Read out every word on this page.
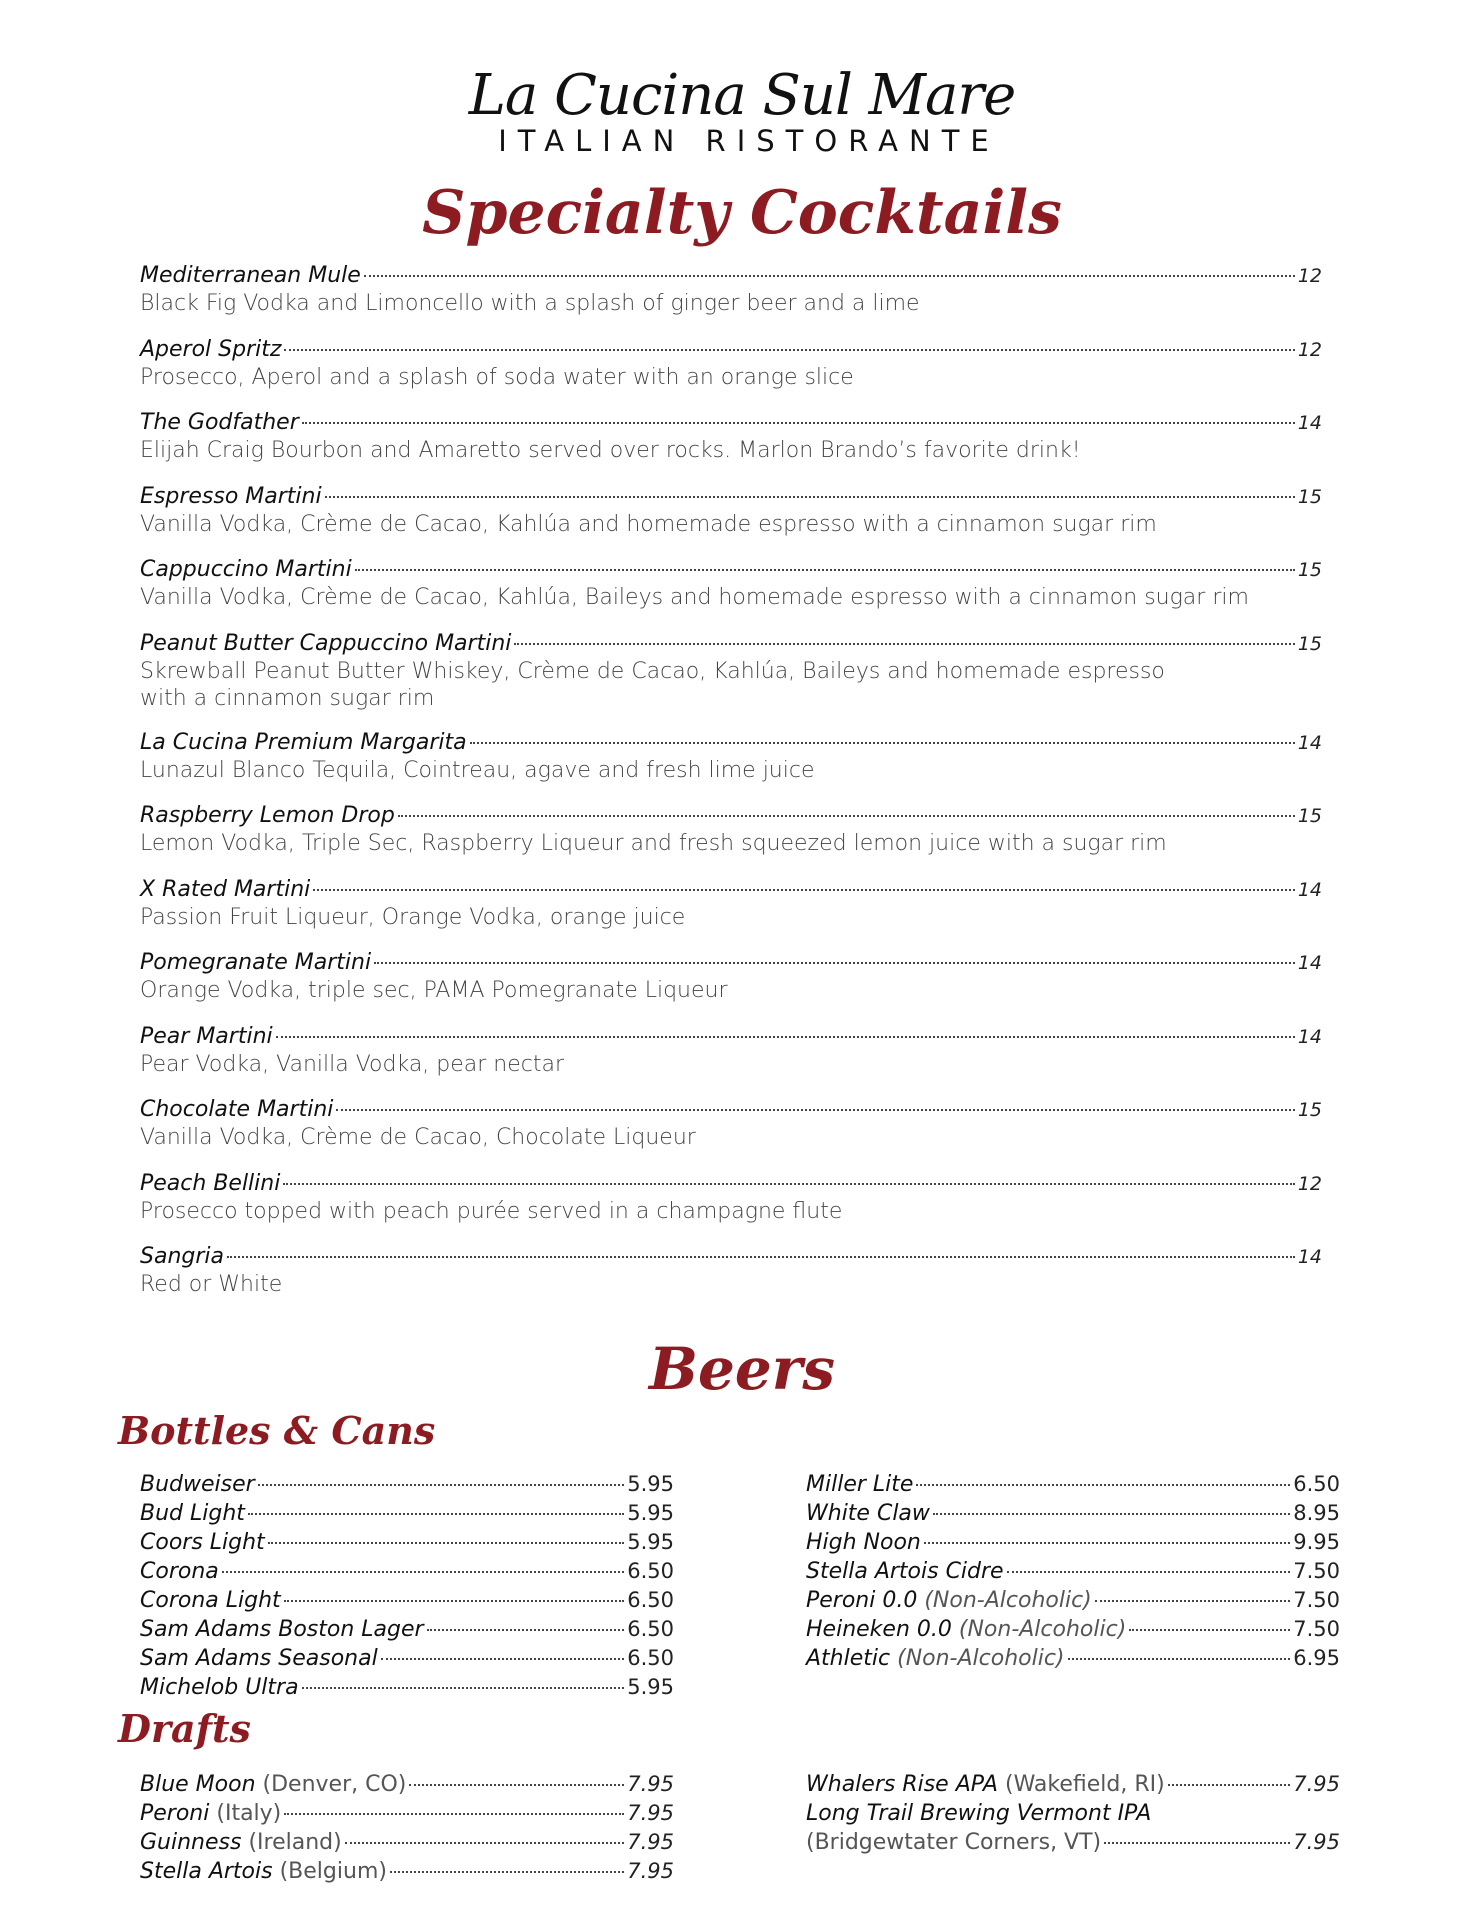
La Cucina Sul Mare
ITALIAN RISTORANTE
Specialty Cocktails
Mediterranean Mule	12
Black Fig Vodka and Limoncello with a splash of ginger beer and a lime
Aperol Spritz	12
Prosecco, Aperol and a splash of soda water with an orange slice
The Godfather	14
Elijah Craig Bourbon and Amaretto served over rocks. Marlon Brando’s favorite drink!
Espresso Martini	15
Vanilla Vodka, Crème de Cacao, Kahlúa and homemade espresso with a cinnamon sugar rim
Cappuccino Martini	15
Vanilla Vodka, Crème de Cacao, Kahlúa, Baileys and homemade espresso with a cinnamon sugar rim
Peanut Butter Cappuccino Martini	15
Skrewball Peanut Butter Whiskey, Crème de Cacao, Kahlúa, Baileys and homemade espresso with a cinnamon sugar rim
La Cucina Premium Margarita	14
Lunazul Blanco Tequila, Cointreau, agave and fresh lime juice
Raspberry Lemon Drop	15
Lemon Vodka, Triple Sec, Raspberry Liqueur and fresh squeezed lemon juice with a sugar rim
X Rated Martini	14
Passion Fruit Liqueur, Orange Vodka, orange juice
Pomegranate Martini	14
Orange Vodka, triple sec, PAMA Pomegranate Liqueur
Pear Martini	14
Pear Vodka, Vanilla Vodka, pear nectar
Chocolate Martini	15
Vanilla Vodka, Crème de Cacao, Chocolate Liqueur
Peach Bellini	12
Prosecco topped with peach purée served in a champagne flute
Sangria	14
Red or White
Beers
Bottles & Cans
Budweiser	5.95
Bud Light	5.95
Coors Light	5.95
Corona	6.50
Corona Light	6.50
Sam Adams Boston Lager	6.50
Sam Adams Seasonal	6.50
Michelob Ultra	5.95
Miller Lite	6.50
White Claw	8.95
High Noon	9.95
Stella Artois Cidre	7.50
Peroni 0.0
(Non-Alcoholic)	7.50
Heineken 0.0
(Non-Alcoholic)	7.50
Athletic
(Non-Alcoholic)	6.95
Drafts
Blue Moon
(Denver, CO)	7.95
Peroni
(Italy)	7.95
Guinness
(Ireland)	7.95
Stella Artois
(Belgium)	7.95
Whalers Rise APA
(Wakefield, RI)	7.95
Long Trail Brewing Vermont IPA
(Bridgewtater Corners, VT)	7.95
